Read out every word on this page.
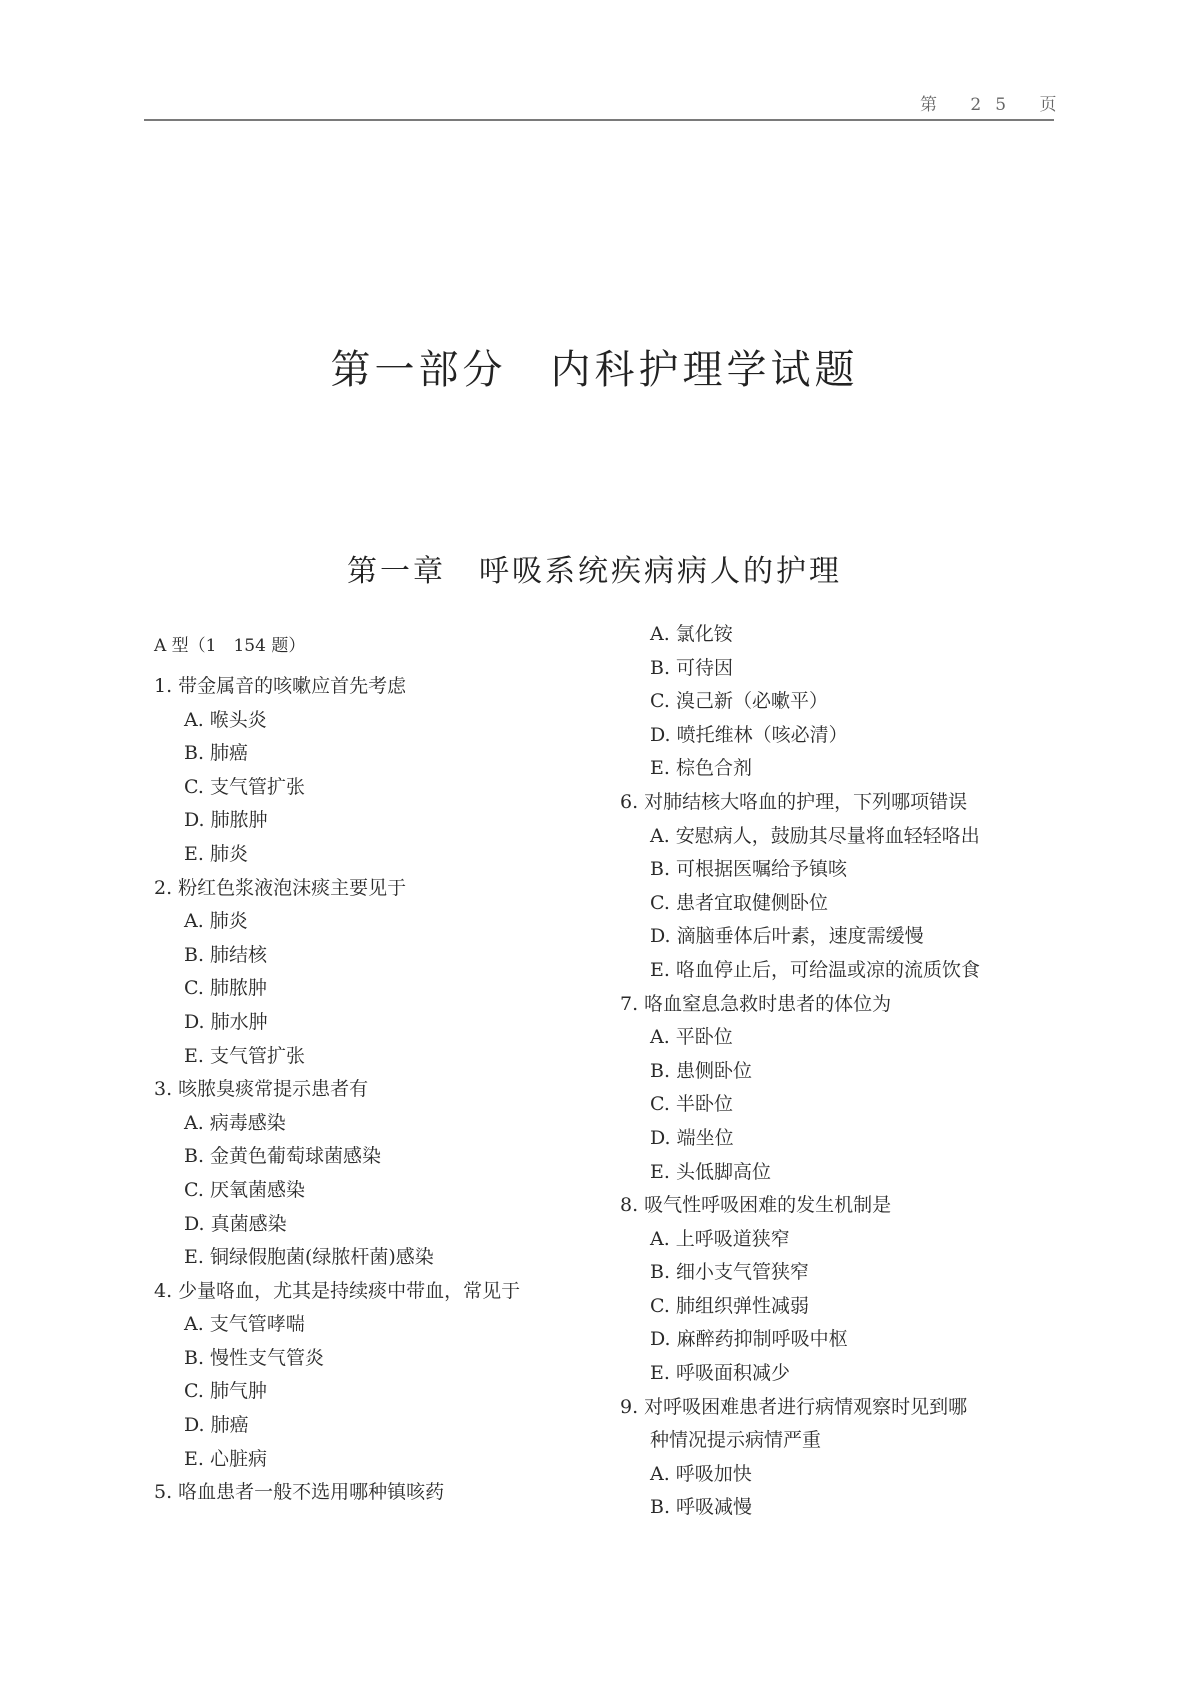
第 25 页
第一部分　内科护理学试题
第一章　呼吸系统疾病病人的护理
A 型（1　154 题）
1. 带金属音的咳嗽应首先考虑
A. 喉头炎
B. 肺癌
C. 支气管扩张
D. 肺脓肿
E. 肺炎
2. 粉红色浆液泡沫痰主要见于
A. 肺炎
B. 肺结核
C. 肺脓肿
D. 肺水肿
E. 支气管扩张
3. 咳脓臭痰常提示患者有
A. 病毒感染
B. 金黄色葡萄球菌感染
C. 厌氧菌感染
D. 真菌感染
E. 铜绿假胞菌(绿脓杆菌)感染
4. 少量咯血，尤其是持续痰中带血，常见于
A. 支气管哮喘
B. 慢性支气管炎
C. 肺气肿
D. 肺癌
E. 心脏病
5. 咯血患者一般不选用哪种镇咳药
A. 氯化铵
B. 可待因
C. 溴己新（必嗽平）
D. 喷托维林（咳必清）
E. 棕色合剂
6. 对肺结核大咯血的护理，下列哪项错误
A. 安慰病人，鼓励其尽量将血轻轻咯出
B. 可根据医嘱给予镇咳
C. 患者宜取健侧卧位
D. 滴脑垂体后叶素，速度需缓慢
E. 咯血停止后，可给温或凉的流质饮食
7. 咯血窒息急救时患者的体位为
A. 平卧位
B. 患侧卧位
C. 半卧位
D. 端坐位
E. 头低脚高位
8. 吸气性呼吸困难的发生机制是
A. 上呼吸道狭窄
B. 细小支气管狭窄
C. 肺组织弹性减弱
D. 麻醉药抑制呼吸中枢
E. 呼吸面积减少
9. 对呼吸困难患者进行病情观察时见到哪
种情况提示病情严重
A. 呼吸加快
B. 呼吸减慢
